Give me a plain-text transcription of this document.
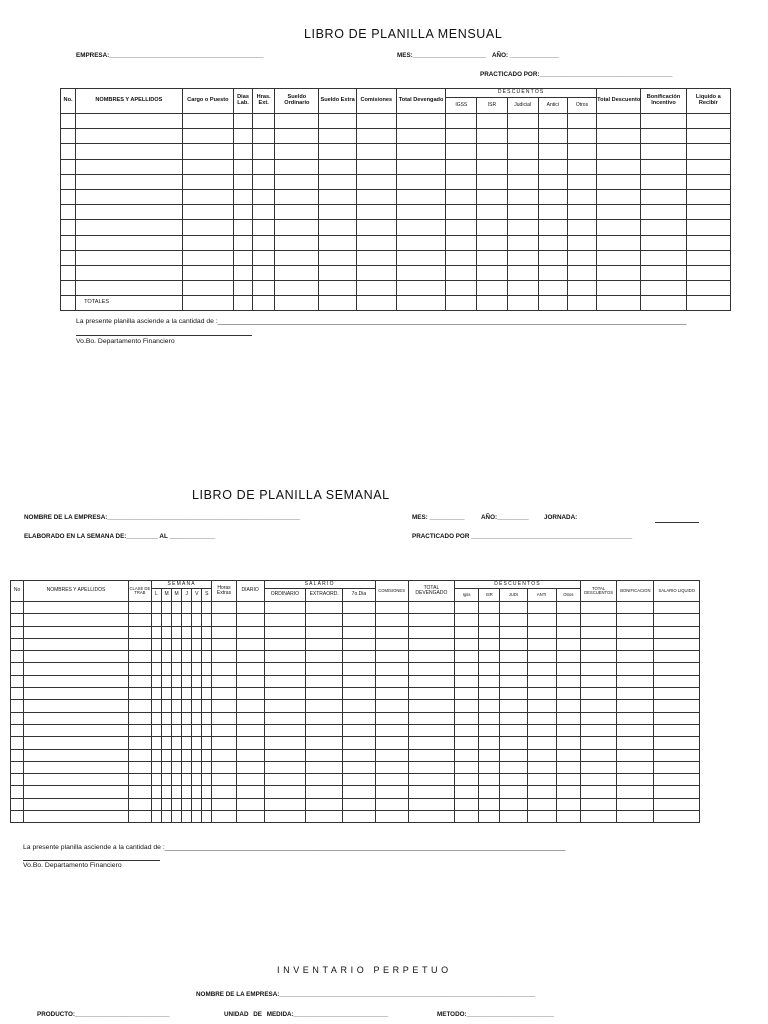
LIBRO DE PLANILLA MENSUAL
EMPRESA:____________________________________________	MES:_____________________ AÑO: ______________
PRACTICADO POR:______________________________________
No.	NOMBRES Y APELLIDOS	Cargo o Puesto	Dias Lab.	Hras. Ext.	Sueldo Ordinario	Sueldo Extra	Comisiones	Total Devengado	DESCUENTOS					Total Descuento	Bonificación Incentivo	Liquido a Recibir
									IGSS	ISR	Judicial	Antici	Otros			

	TOTALES															
La presente planilla asciende a la cantidad de :____________________________________________________________________________________________________________________________
Vo.Bo. Departamento Financiero
LIBRO DE PLANILLA SEMANAL
NOMBRE DE LA EMPRESA:_______________________________________________________	MES: __________	AÑO:_________ JORNADA:
ELABORADO EN LA SEMANA DE:_________ AL _____________	PRACTICADO POR ______________________________________________
No	NOMBRES Y APELLIDOS	CLASE DE TRAB	SEMANA						Horas Extras	DIARIO	SALARIO			COMISIONES	TOTAL DEVENGADO	DESCUENTOS					TOTAL DESCUENTOS	BONIFICACION	SALARIO LIQUIDO
			L	M	M	J	V	S			ORDINARIO	EXTRAORD.	7o.Dia			Igss	ISR	JUDI	ANTI	Otros			

La presente planilla asciende a la cantidad de :__________________________________________________________________________________________________________
Vo.Bo. Departamento Financiero
INVENTARIO PERPETUO
NOMBRE DE LA EMPRESA:_________________________________________________________________________
PRODUCTO:___________________________	UNIDAD DE MEDIDA:___________________________	METODO:_________________________
